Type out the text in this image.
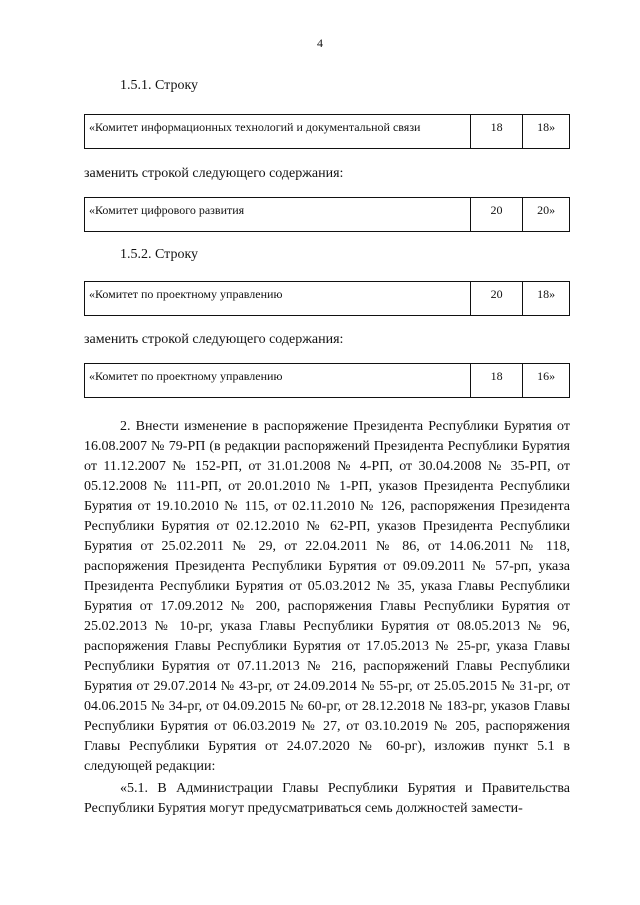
4
1.5.1. Строку
«Комитет информационных технологий и документальной связи	18	18»
заменить строкой следующего содержания:
«Комитет цифрового развития	20	20»
1.5.2. Строку
«Комитет по проектному управлению	20	18»
заменить строкой следующего содержания:
«Комитет по проектному управлению	18	16»

2. Внести изменение в распоряжение Президента Республики Бурятия от 16.08.2007 № 79-РП (в редакции распоряжений Президента Республики Бурятия от 11.12.2007 № 152-РП, от 31.01.2008 № 4-РП, от 30.04.2008 № 35-РП, от 05.12.2008 № 111-РП, от 20.01.2010 № 1-РП, указов Президента Республики Бурятия от 19.10.2010 № 115, от 02.11.2010 № 126, распоряжения Президента Республики Бурятия от 02.12.2010 № 62-РП, указов Президента Республики Бурятия от 25.02.2011 № 29, от 22.04.2011 № 86, от 14.06.2011 № 118, распоряжения Президента Республики Бурятия от 09.09.2011 № 57-рп, указа Президента Республики Бурятия от 05.03.2012 № 35, указа Главы Республики Бурятия от 17.09.2012 № 200, распоряжения Главы Республики Бурятия от 25.02.2013 № 10-рг, указа Главы Республики Бурятия от 08.05.2013 № 96, распоряжения Главы Республики Бурятия от 17.05.2013 № 25-рг, указа Главы Республики Бурятия от 07.11.2013 № 216, распоряжений Главы Республики Бурятия от 29.07.2014 № 43-рг, от 24.09.2014 № 55-рг, от 25.05.2015 № 31-рг, от 04.06.2015 № 34-рг, от 04.09.2015 № 60-рг, от 28.12.2018 № 183-рг, указов Главы Республики Бурятия от 06.03.2019 № 27, от 03.10.2019 № 205, распоряжения Главы Республики Бурятия от 24.07.2020 № 60-рг), изложив пункт 5.1 в следующей редакции:

«5.1. В Администрации Главы Республики Бурятия и Правительства Республики Бурятия могут предусматриваться семь должностей замести-
